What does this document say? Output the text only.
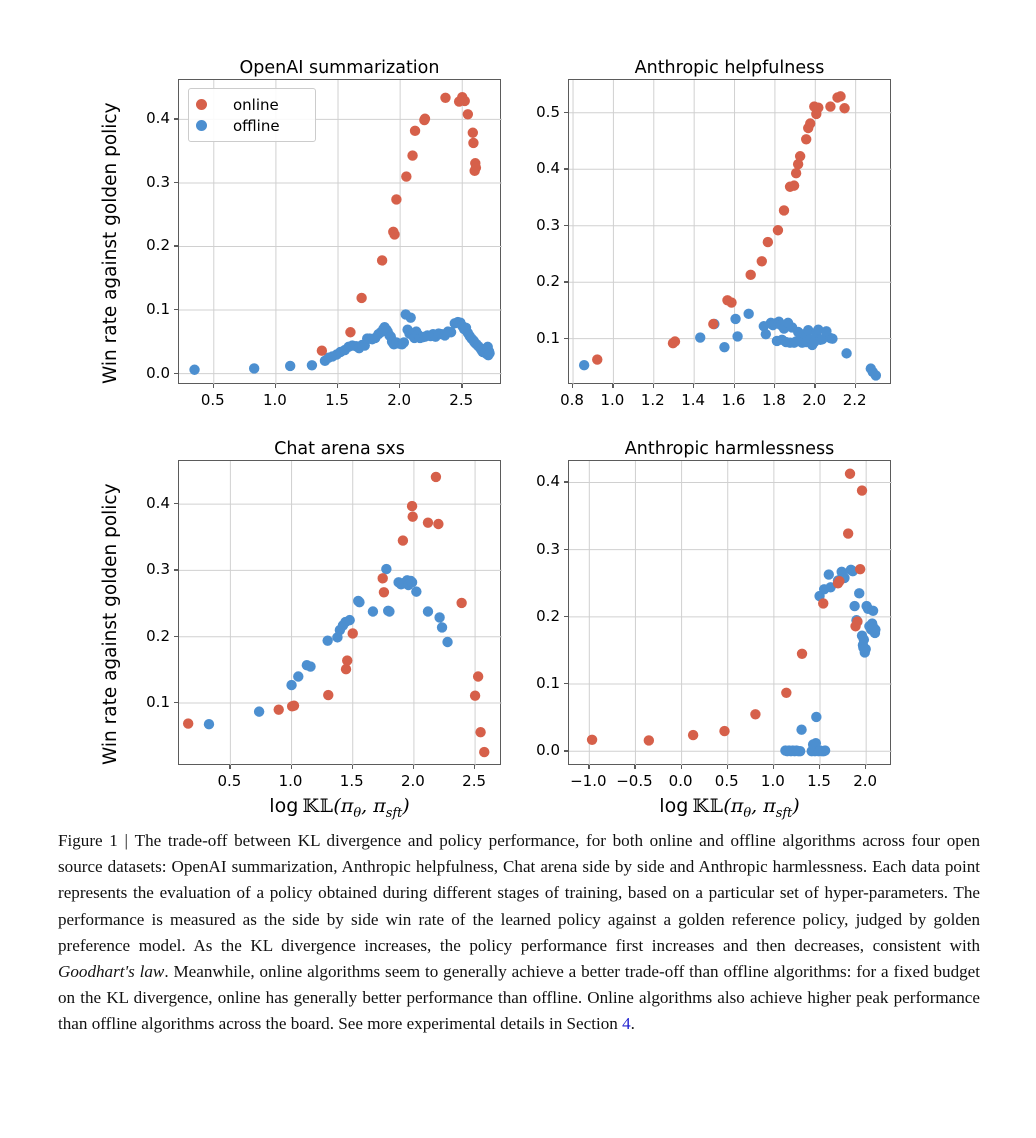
OpenAI summarization
0.5	1.0	1.5	2.0	2.5
0.0
0.1
0.2
0.3
0.4
Win rate against golden policy	online
offline
Anthropic helpfulness
0.8 1.0 1.2 1.4 1.6 1.8 2.0 2.2
0.1
0.2
0.3
0.4
0.5
Chat arena sxs
0.5 1.0 1.5 2.0 2.5
0.1
0.2
0.3
0.4
Win rate against golden policy
$\log 𝕂𝕃(\pi_\theta$, $\pi_{sft}$)
Anthropic harmlessness
−1.0 −0.5 0.0 0.5 1.0 1.5 2.0
0.0
0.1
0.2
0.3
0.4
$\log 𝕂𝕃(\pi_\theta$, $\pi_{sft}$)
Figure 1 | The trade-off between KL divergence and policy performance, for both online and offline algorithms across four open source datasets: OpenAI summarization, Anthropic helpfulness, Chat arena side by side and Anthropic harmlessness. Each data point represents the evaluation of a policy obtained during different stages of training, based on a particular set of hyper-parameters. The performance is measured as the side by side win rate of the learned policy against a golden reference policy, judged by golden preference model. As the KL divergence increases, the policy performance first increases and then decreases, consistent with Goodhart's law. Meanwhile, online algorithms seem to generally achieve a better trade-off than offline algorithms: for a fixed budget on the KL divergence, online has generally better performance than offline. Online algorithms also achieve higher peak performance than offline algorithms across the board. See more experimental details in Section 4.
